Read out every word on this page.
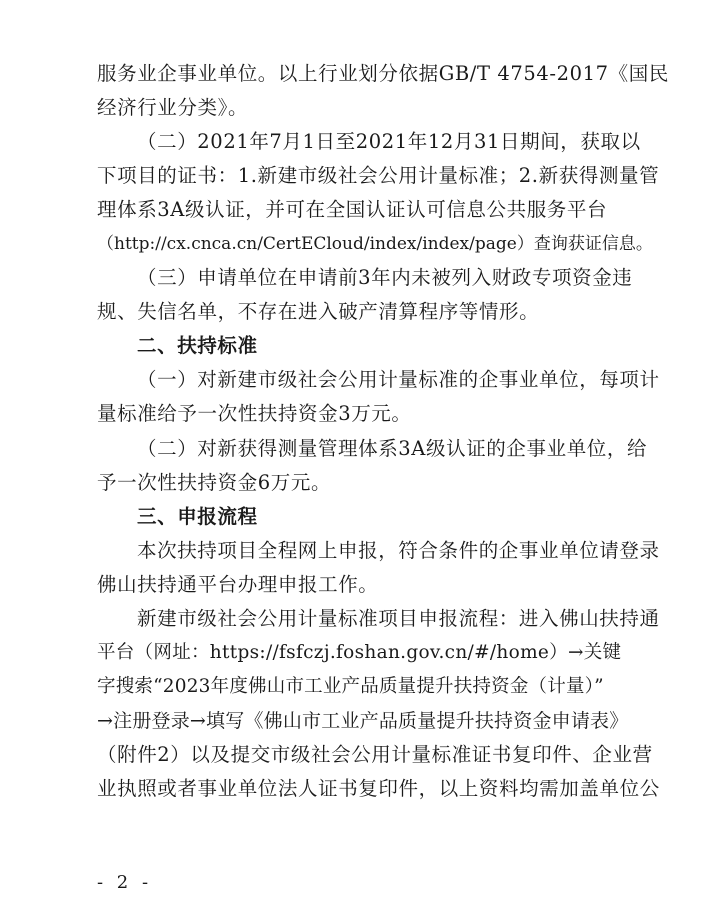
服务业企事业单位。以上行业划分依据GB/T 4754-2017《国民
经济行业分类》。
（二）2021年7月1日至2021年12月31日期间，获取以
下项目的证书：1.新建市级社会公用计量标准；2.新获得测量管
理体系3A级认证，并可在全国认证认可信息公共服务平台
（http://cx.cnca.cn/CertECloud/index/index/page）查询获证信息。
（三）申请单位在申请前3年内未被列入财政专项资金违
规、失信名单，不存在进入破产清算程序等情形。
二、扶持标准
（一）对新建市级社会公用计量标准的企事业单位，每项计
量标准给予一次性扶持资金3万元。
（二）对新获得测量管理体系3A级认证的企事业单位，给
予一次性扶持资金6万元。
三、申报流程
本次扶持项目全程网上申报，符合条件的企事业单位请登录
佛山扶持通平台办理申报工作。
新建市级社会公用计量标准项目申报流程：进入佛山扶持通
平台（网址：https://fsfczj.foshan.gov.cn/#/home）→关键
字搜索“2023年度佛山市工业产品质量提升扶持资金（计量）”
→注册登录→填写《佛山市工业产品质量提升扶持资金申请表》
（附件2）以及提交市级社会公用计量标准证书复印件、企业营
业执照或者事业单位法人证书复印件，以上资料均需加盖单位公
- 2 -
